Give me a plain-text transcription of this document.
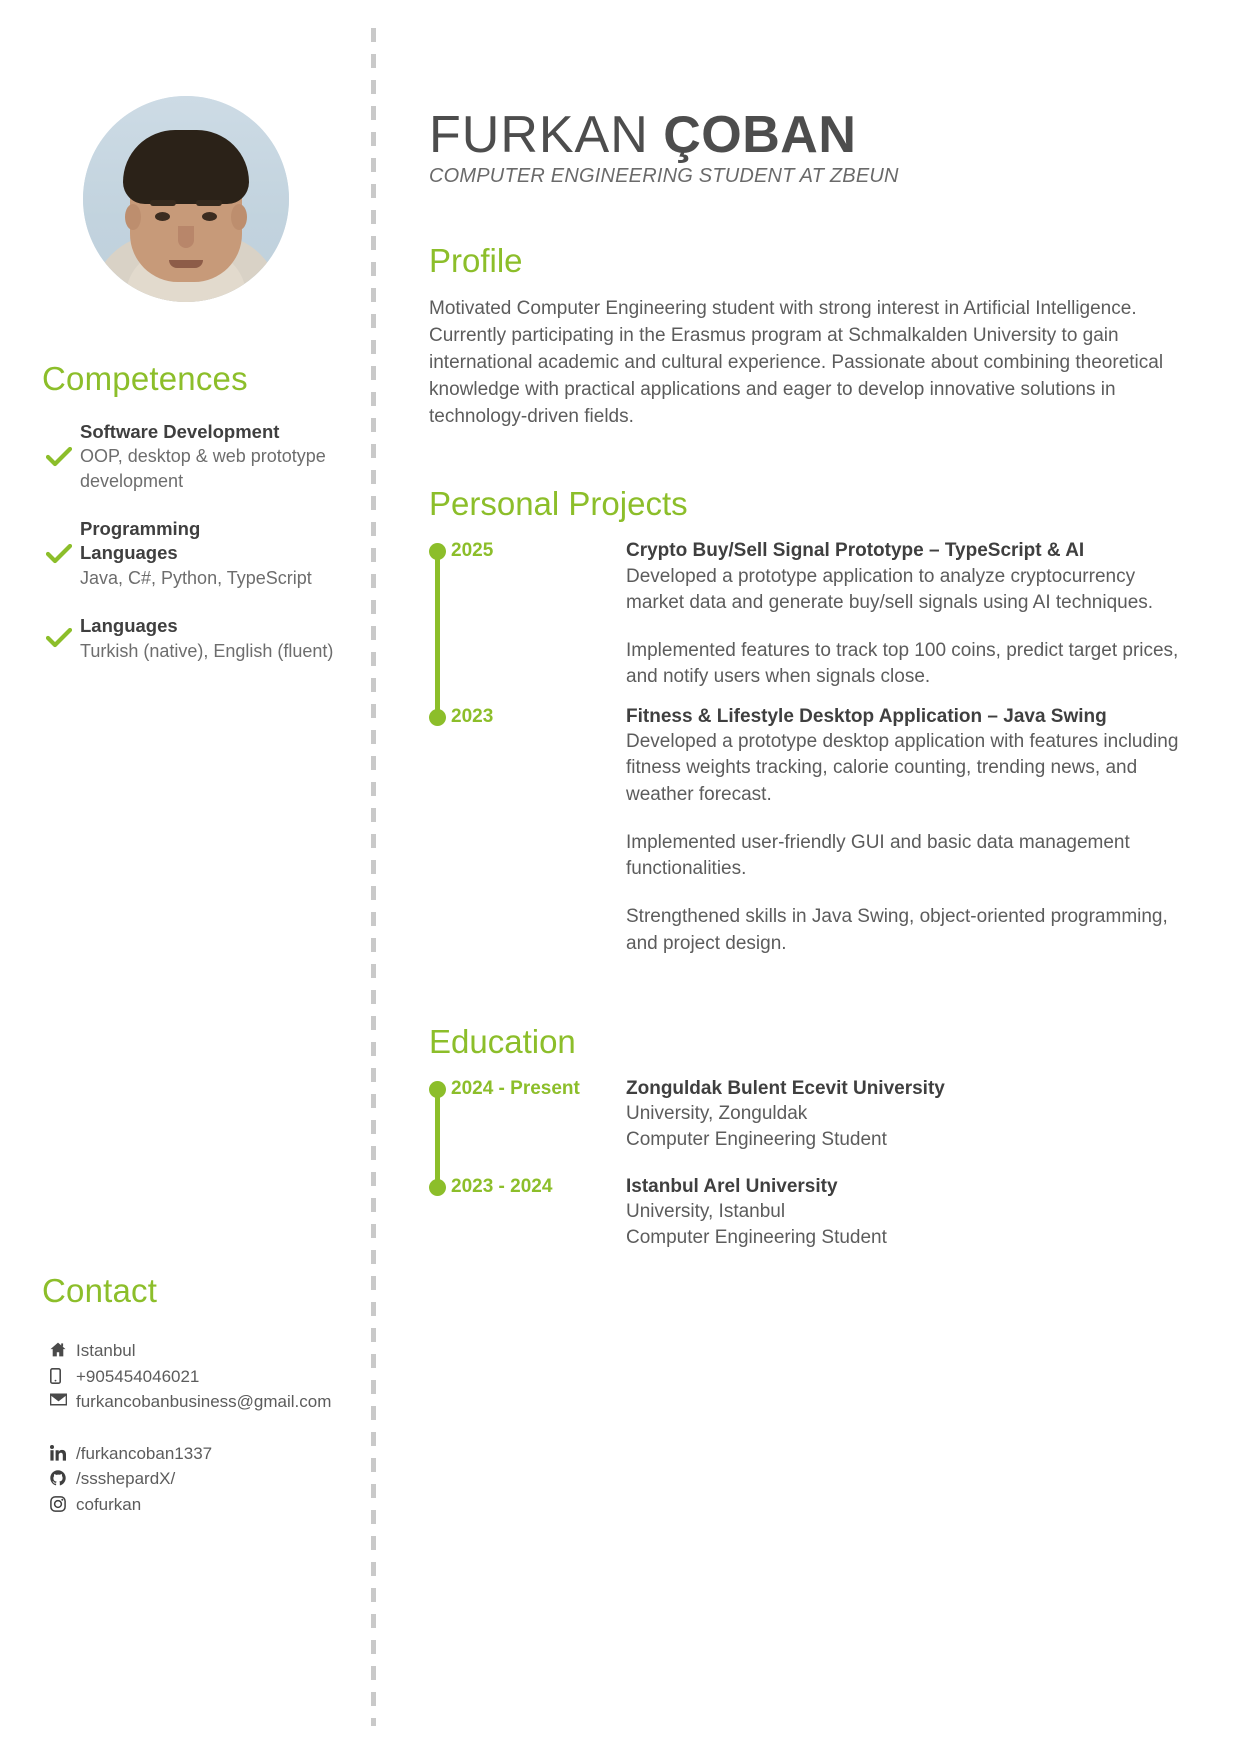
Competences
Software Development
OOP, desktop & web prototype development
Programming Languages
Java, C#, Python, TypeScript
Languages
Turkish (native), English (fluent)
Contact
Istanbul
+905454046021
furkancobanbusiness@gmail.com
/furkancoban1337
/ssshepardX/
cofurkan
FURKAN ÇOBAN
COMPUTER ENGINEERING STUDENT AT ZBEUN
Profile

Motivated Computer Engineering student with strong interest in Artificial Intelligence. Currently participating in the Erasmus program at Schmalkalden University to gain international academic and cultural experience. Passionate about combining theoretical knowledge with practical applications and eager to develop innovative solutions in technology-driven fields.

Personal Projects
2025	Crypto Buy/Sell Signal Prototype – TypeScript & AI
Developed a prototype application to analyze cryptocurrency market data and generate buy/sell signals using AI techniques.
Implemented features to track top 100 coins, predict target prices, and notify users when signals close.
2023	Fitness & Lifestyle Desktop Application – Java Swing
Developed a prototype desktop application with features including fitness weights tracking, calorie counting, trending news, and weather forecast.
Implemented user-friendly GUI and basic data management functionalities.
Strengthened skills in Java Swing, object-oriented programming, and project design.
Education
2024 - Present	Zonguldak Bulent Ecevit University
University, Zonguldak
Computer Engineering Student
2023 - 2024	Istanbul Arel University
University, Istanbul
Computer Engineering Student
